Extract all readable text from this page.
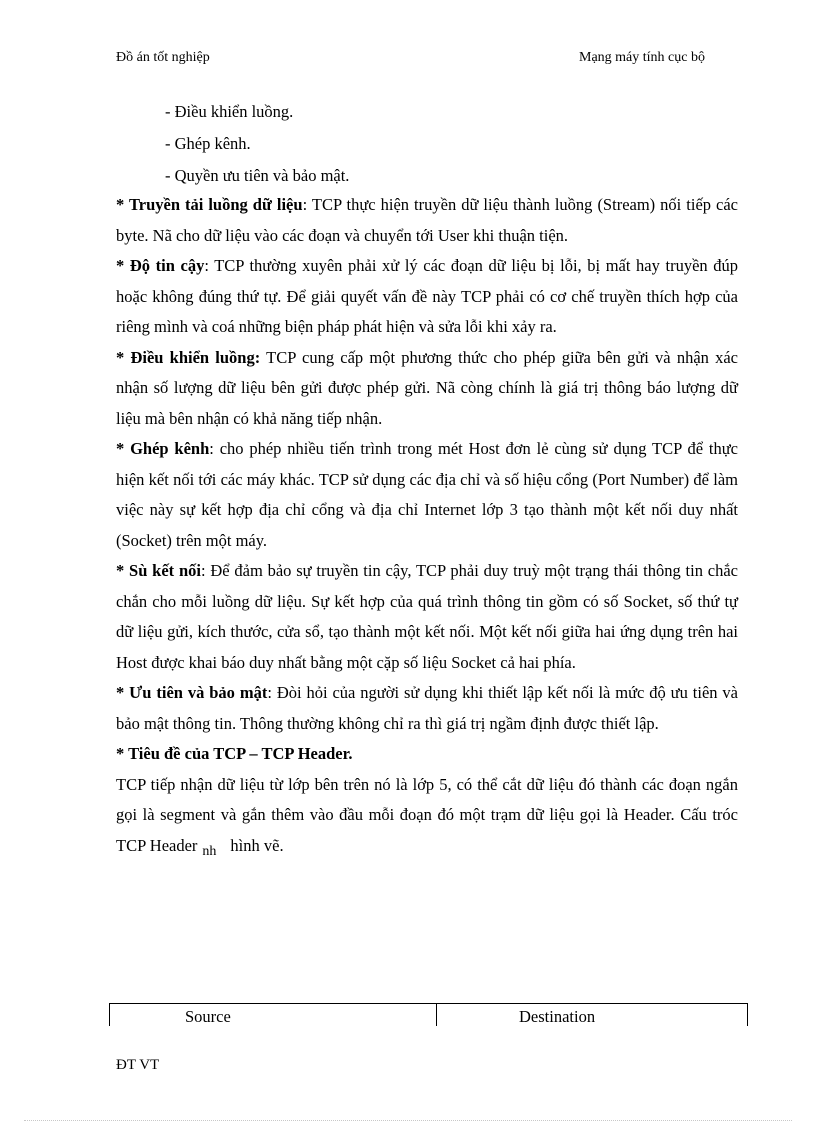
Đồ án tốt nghiệp	Mạng máy tính cục bộ
- Điều khiển luồng.
- Ghép kênh.
- Quyền ưu tiên và bảo mật.

* Truyền tải luồng dữ liệu: TCP thực hiện truyền dữ liệu thành luồng (Stream) nối tiếp các byte. Nã cho dữ liệu vào các đoạn và chuyển tới User khi thuận tiện.

* Độ tin cậy: TCP thường xuyên phải xử lý các đoạn dữ liệu bị lỗi, bị mất hay truyền đúp hoặc không đúng thứ tự. Để giải quyết vấn đề này TCP phải có cơ chế truyền thích hợp của riêng mình và coá những biện pháp phát hiện và sửa lỗi khi xảy ra.

* Điều khiển luồng: TCP cung cấp một phương thức cho phép giữa bên gửi và nhận xác nhận số lượng dữ liệu bên gửi được phép gửi. Nã còng chính là giá trị thông báo lượng dữ liệu mà bên nhận có khả năng tiếp nhận.

* Ghép kênh: cho phép nhiều tiến trình trong mét Host đơn lẻ cùng sử dụng TCP để thực hiện kết nối tới các máy khác. TCP sử dụng các địa chỉ và số hiệu cổng (Port Number) để làm việc này sự kết hợp địa chỉ cổng và địa chỉ Internet lớp 3 tạo thành một kết nối duy nhất (Socket) trên một máy.

* Sù kết nối: Để đảm bảo sự truyền tin cậy, TCP phải duy truỳ một trạng thái thông tin chắc chắn cho mỗi luồng dữ liệu. Sự kết hợp của quá trình thông tin gồm có số Socket, số thứ tự dữ liệu gửi, kích thước, cửa sổ, tạo thành một kết nối. Một kết nối giữa hai ứng dụng trên hai Host được khai báo duy nhất bằng một cặp số liệu Socket cả hai phía.

* Ưu tiên và bảo mật: Đòi hỏi của người sử dụng khi thiết lập kết nối là mức độ ưu tiên và bảo mật thông tin. Thông thường không chỉ ra thì giá trị ngầm định được thiết lập.

* Tiêu đề của TCP – TCP Header.

TCP tiếp nhận dữ liệu từ lớp bên trên nó là lớp 5, có thể cắt dữ liệu đó thành các đoạn ngắn gọi là segment và gắn thêm vào đầu mỗi đoạn đó một trạm dữ liệu gọi là Header. Cấu tróc TCP Header $_{nh}$ hình vẽ.

Source	Destination
ĐT VT
